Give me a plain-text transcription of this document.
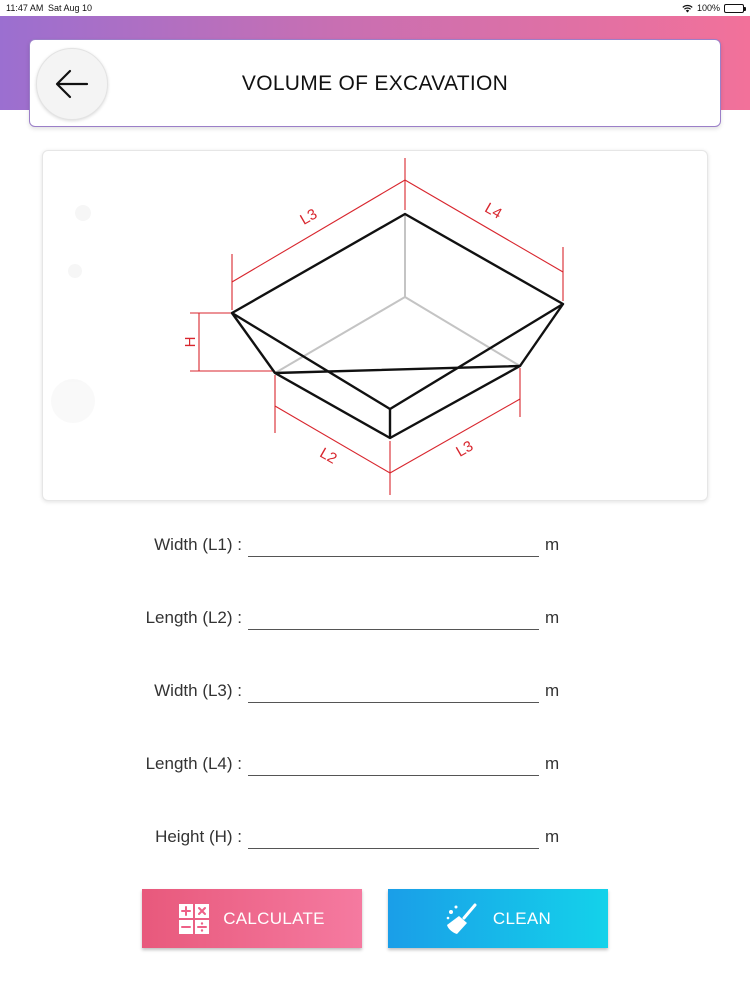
11:47 AM Sat Aug 10	100%
VOLUME OF EXCAVATION
L3	L4
H
L2	L3
Width (L1) :	m
Length (L2) :	m
Width (L3) :	m
Length (L4) :	m
Height (H) :	m
CALCULATE	CLEAN
